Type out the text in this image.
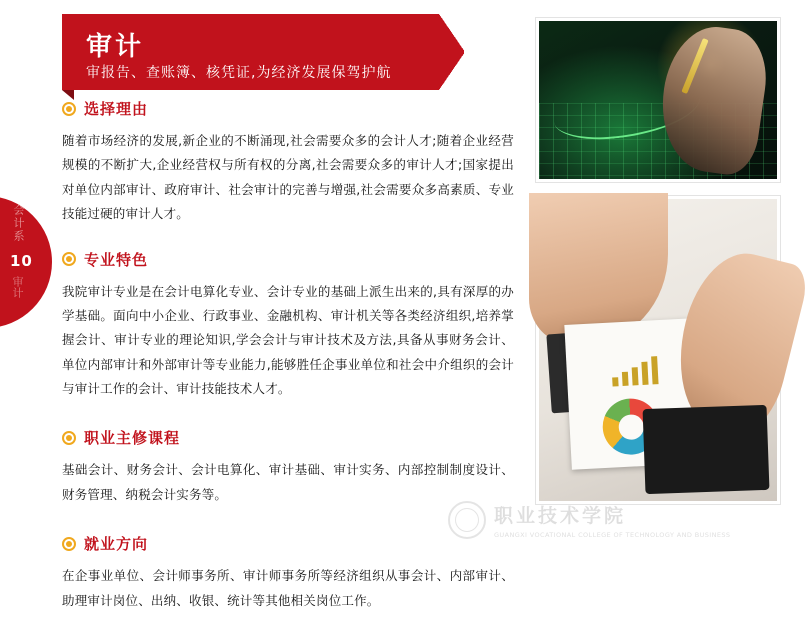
会计系
10
审计
审计
审报告、查账簿、核凭证,为经济发展保驾护航
选择理由
随着市场经济的发展,新企业的不断涌现,社会需要众多的会计人才;随着企业经营规模的不断扩大,企业经营权与所有权的分离,社会需要众多的审计人才;国家提出对单位内部审计、政府审计、社会审计的完善与增强,社会需要众多高素质、专业技能过硬的审计人才。
专业特色
我院审计专业是在会计电算化专业、会计专业的基础上派生出来的,具有深厚的办学基础。面向中小企业、行政事业、金融机构、审计机关等各类经济组织,培养掌握会计、审计专业的理论知识,学会会计与审计技术及方法,具备从事财务会计、单位内部审计和外部审计等专业能力,能够胜任企事业单位和社会中介组织的会计与审计工作的会计、审计技能技术人才。
职业主修课程
基础会计、财务会计、会计电算化、审计基础、审计实务、内部控制制度设计、财务管理、纳税会计实务等。
就业方向
在企事业单位、会计师事务所、审计师事务所等经济组织从事会计、内部审计、助理审计岗位、出纳、收银、统计等其他相关岗位工作。
职业技术学院
GUANGXI VOCATIONAL COLLEGE OF TECHNOLOGY AND BUSINESS
